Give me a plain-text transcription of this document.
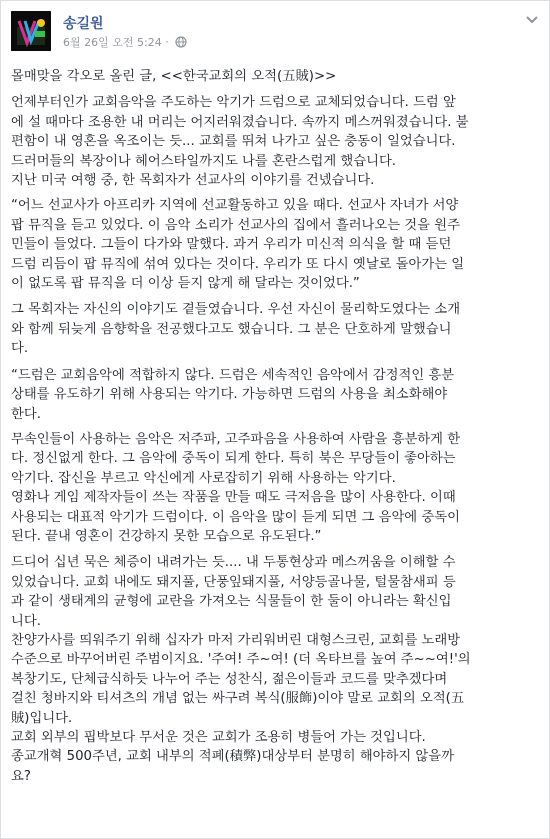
송길원
6월 26일 오전 5:24 ·

몰매맞을 각오로 올린 글, <<한국교회의 오적(五賊)>>

언제부터인가 교회음악을 주도하는 악기가 드럼으로 교체되었습니다. 드럼 앞
에 설 때마다 조용한 내 머리는 어지러워졌습니다. 속까지 메스꺼워졌습니다. 불
편함이 내 영혼을 옥조이는 듯... 교회를 뛰쳐 나가고 싶은 충동이 일었습니다.
드러머들의 복장이나 헤어스타일까지도 나를 혼란스럽게 했습니다.
지난 미국 여행 중, 한 목회자가 선교사의 이야기를 건넸습니다.

“어느 선교사가 아프리카 지역에 선교활동하고 있을 때다. 선교사 자녀가 서양
팝 뮤직을 듣고 있었다. 이 음악 소리가 선교사의 집에서 흘러나오는 것을 원주
민들이 들었다. 그들이 다가와 말했다. 과거 우리가 미신적 의식을 할 때 듣던
드럼 리듬이 팝 뮤직에 섞여 있다는 것이다. 우리가 또 다시 옛날로 돌아가는 일
이 없도록 팝 뮤직을 더 이상 듣지 않게 해 달라는 것이었다.”

그 목회자는 자신의 이야기도 곁들였습니다. 우선 자신이 물리학도였다는 소개
와 함께 뒤늦게 음향학을 전공했다고도 했습니다. 그 분은 단호하게 말했습니
다.

“드럼은 교회음악에 적합하지 않다. 드럼은 세속적인 음악에서 감정적인 흥분
상태를 유도하기 위해 사용되는 악기다. 가능하면 드럼의 사용을 최소화해야
한다.

무속인들이 사용하는 음악은 저주파, 고주파음을 사용하여 사람을 흥분하게 한
다. 정신없게 한다. 그 음악에 중독이 되게 한다. 특히 북은 무당들이 좋아하는
악기다. 잡신을 부르고 악신에게 사로잡히기 위해 사용하는 악기다.
영화나 게임 제작자들이 쓰는 작품을 만들 때도 극저음을 많이 사용한다. 이때
사용되는 대표적 악기가 드럼이다. 이 음악을 많이 듣게 되면 그 음악에 중독이
된다. 끝내 영혼이 건강하지 못한 모습으로 유도된다.”

드디어 십년 묵은 체증이 내려가는 듯.... 내 두통현상과 메스꺼움을 이해할 수
있었습니다. 교회 내에도 돼지풀, 단풍잎돼지풀, 서양등골나물, 털물참새피 등
과 같이 생태계의 균형에 교란을 가져오는 식물들이 한 둘이 아니라는 확신입
니다.
찬양가사를 띄워주기 위해 십자가 마저 가리워버린 대형스크린, 교회를 노래방
수준으로 바꾸어버린 주범이지요. '주여! 주~여! (더 옥타브를 높여 주~~여!'의
복창기도, 단체급식하듯 나누어 주는 성찬식, 젊은이들과 코드를 맞추겠다며
걸친 청바지와 티셔츠의 개념 없는 싸구려 복식(服飾)이야 말로 교회의 오적(五
賊)입니다.
교회 외부의 핍박보다 무서운 것은 교회가 조용히 병들어 가는 것입니다.
종교개혁 500주년, 교회 내부의 적폐(積弊)대상부터 분명히 해야하지 않을까
요?
